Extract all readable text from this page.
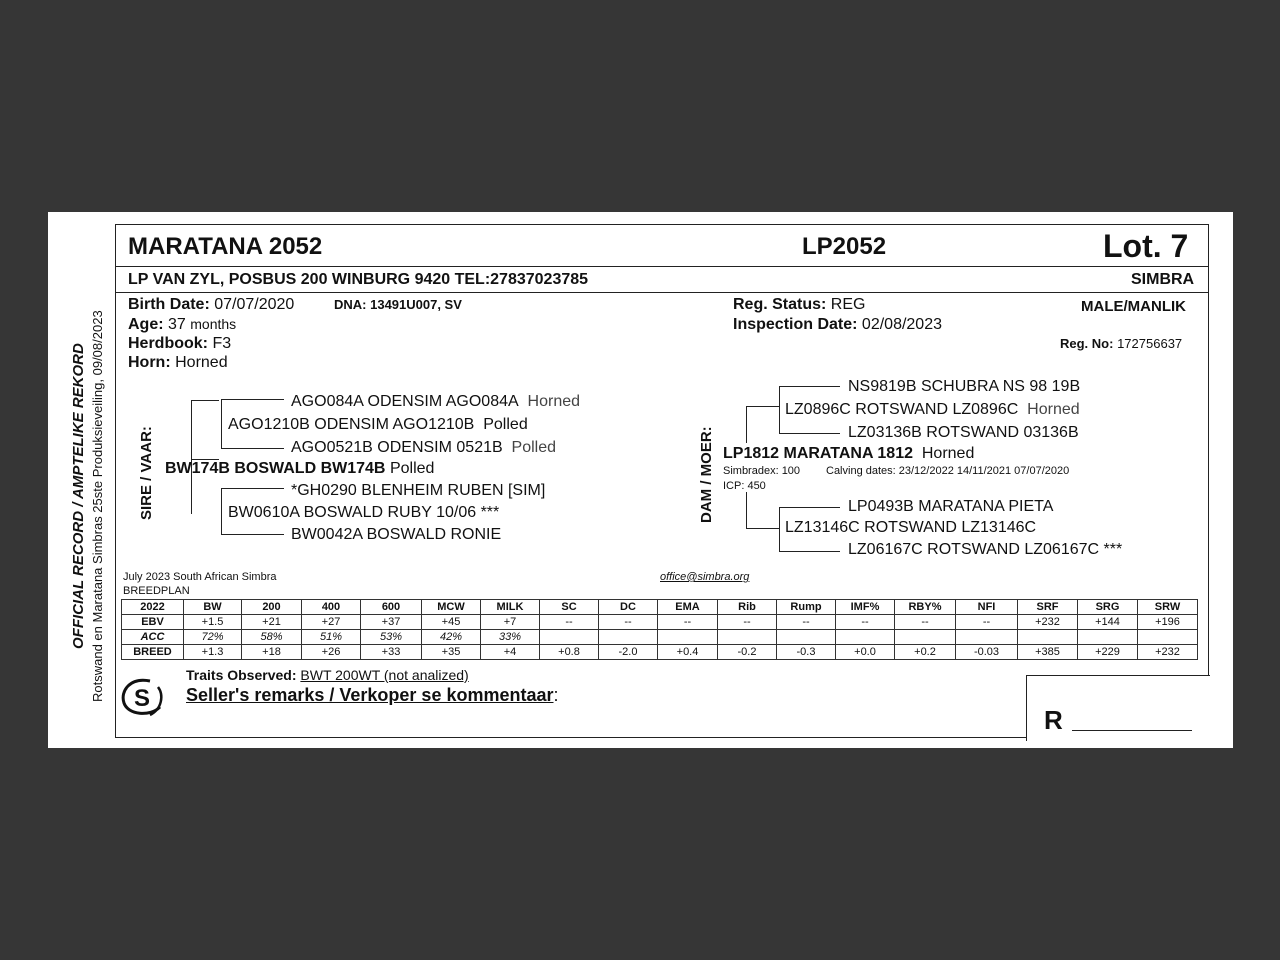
OFFICIAL RECORD / AMPTELIKE REKORD Rotswand en Maratana Simbras 25ste Produksieveiling, 09/08/2023
MARATANA 2052	LP2052	Lot. 7
LP VAN ZYL, POSBUS 200 WINBURG 9420 TEL:27837023785	SIMBRA
Birth Date: 07/07/2020	DNA: 13491U007, SV
Age: 37 months
Herdbook: F3
Horn: Horned
Reg. Status: REG
Inspection Date: 02/08/2023
MALE/MANLIK
Reg. No: 172756637
SIRE / VAAR:
AGO084A ODENSIM AGO084A Horned
AGO1210B ODENSIM AGO1210B Polled
AGO0521B ODENSIM 0521B Polled
BW174B BOSWALD BW174B Polled
*GH0290 BLENHEIM RUBEN [SIM]
BW0610A BOSWALD RUBY 10/06 ***
BW0042A BOSWALD RONIE
DAM / MOER:
NS9819B SCHUBRA NS 98 19B
LZ0896C ROTSWAND LZ0896C Horned
LZ03136B ROTSWAND 03136B
LP1812 MARATANA 1812 Horned
Simbradex: 100 Calving dates: 23/12/2022 14/11/2021 07/07/2020
ICP: 450
LP0493B MARATANA PIETA
LZ13146C ROTSWAND LZ13146C
LZ06167C ROTSWAND LZ06167C ***
July 2023 South African Simbra
BREEDPLAN
office@simbra.org
2022	BW	200	400	600	MCW	MILK	SC	DC	EMA	Rib	Rump	IMF%	RBY%	NFI	SRF	SRG	SRW
EBV	+1.5	+21	+27	+37	+45	+7	--	--	--	--	--	--	--	--	+232	+144	+196
ACC	72%	58%	51%	53%	42%	33%											
BREED	+1.3	+18	+26	+33	+35	+4	+0.8	-2.0	+0.4	-0.2	-0.3	+0.0	+0.2	-0.03	+385	+229	+232
S
Traits Observed: BWT 200WT (not analized)
Seller's remarks / Verkoper se kommentaar:
R
